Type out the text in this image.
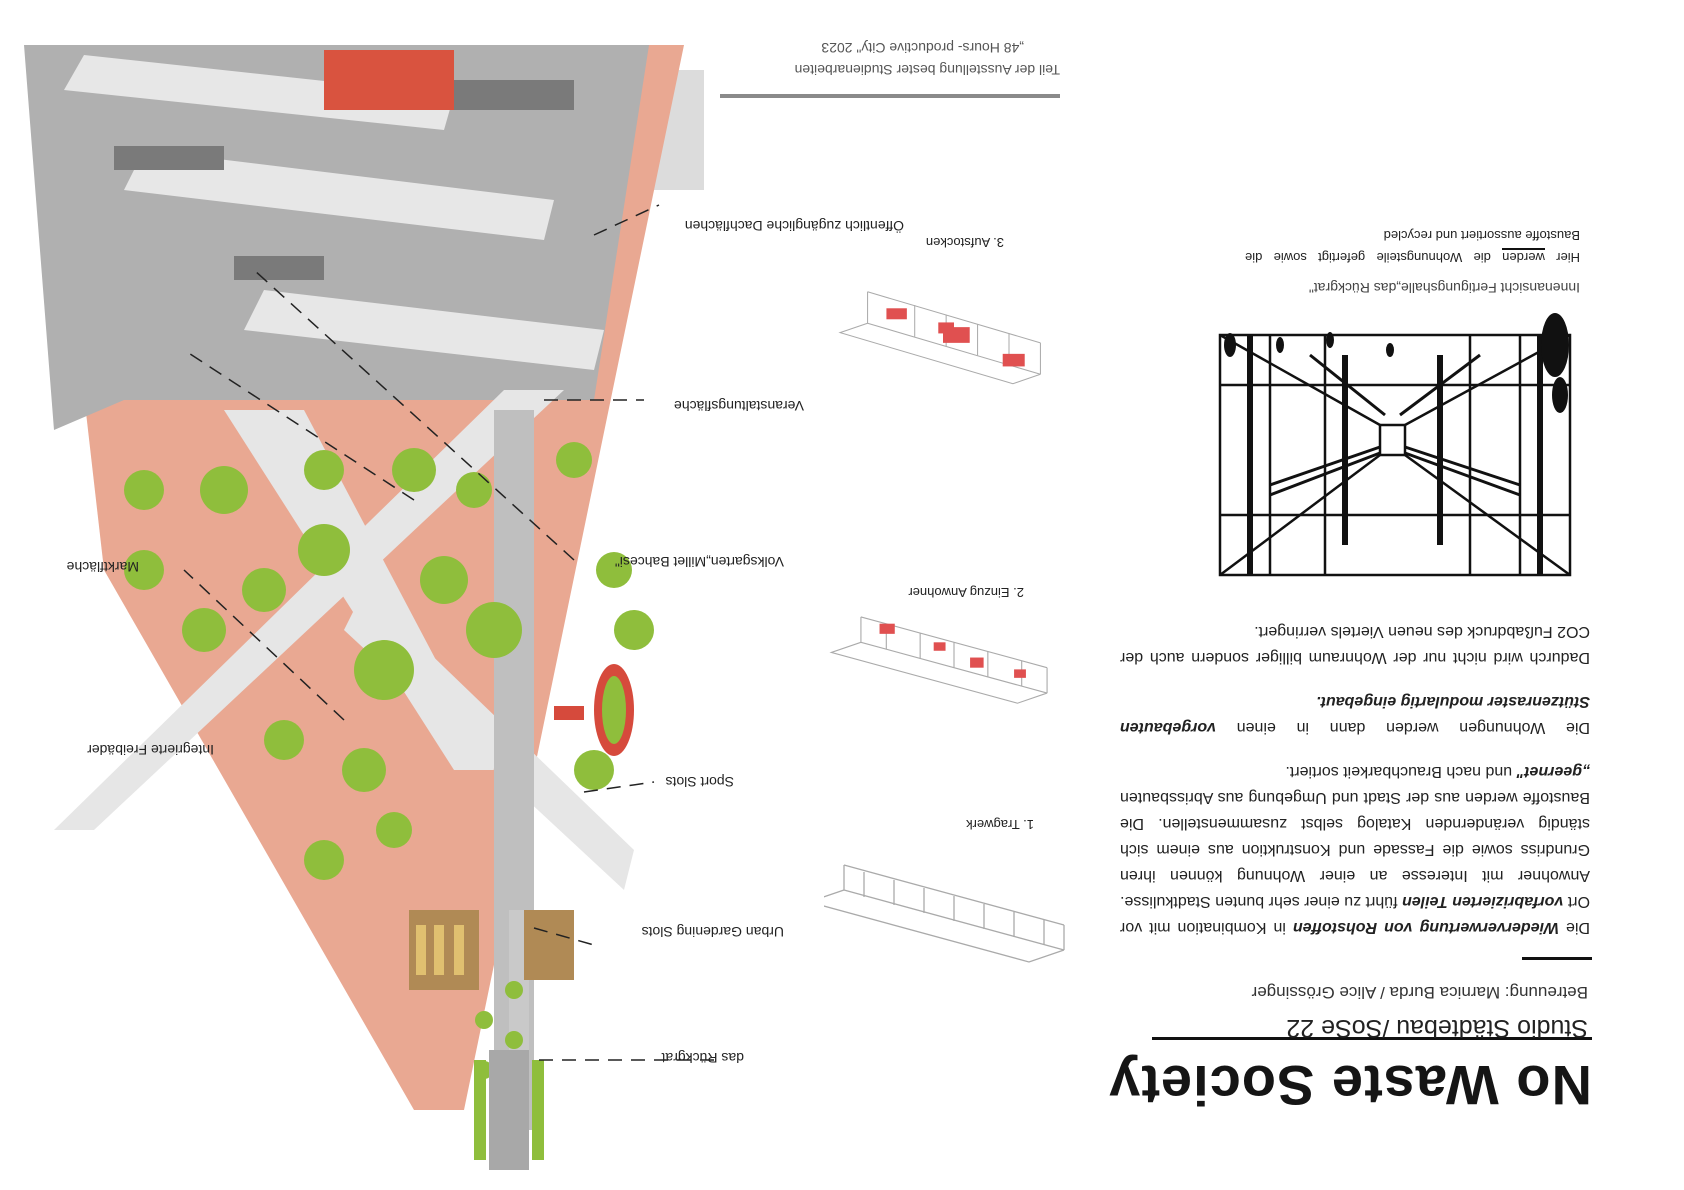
No Waste Society
Studio Städtebau /SoSe 22
Betreuung: Marnica Burda / Alice Grössinger
Die Wiederverwertung von Rohstoffen in Kombination mit vor Ort vorfabrizierten Teilen führt zu einer sehr bunten Stadtkulisse. Anwohner mit Interesse an einer Wohnung können ihren Grundriss sowie die Fassade und Konstruktion aus einem sich ständig verändernden Katalog selbst zusammenstellen. Die Baustoffe werden aus der Stadt und Umgebung aus Abrissbauten „geernet" und nach Brauchbarkeit sortiert.
Die Wohnungen werden dann in einen vorgebauten Stützenraster modulartig eingebaut.
Dadurch wird nicht nur der Wohnraum billiger sondern auch der CO2 Fußabdruck des neuen Viertels verringert.
Innenansicht Fertigungshalle„das Rückgrat"
Hier werden die Wohnungsteile gefertigt sowie die Baustoffe aussortiert und recycled
1. Tragwerk
2. Einzug Anwohner
3. Aufstocken
Teil der Ausstellung bester Studienarbeiten
„48 Hours- productive City" 2023
das Rückgrat
Urban Gardening Slots
Sport Slots
Integrierte Freibäder
Volksgarten„Millet Bahcesi"
Marktfläche
Veranstaltungsfläche
Öffentlich zugängliche Dachflächen
